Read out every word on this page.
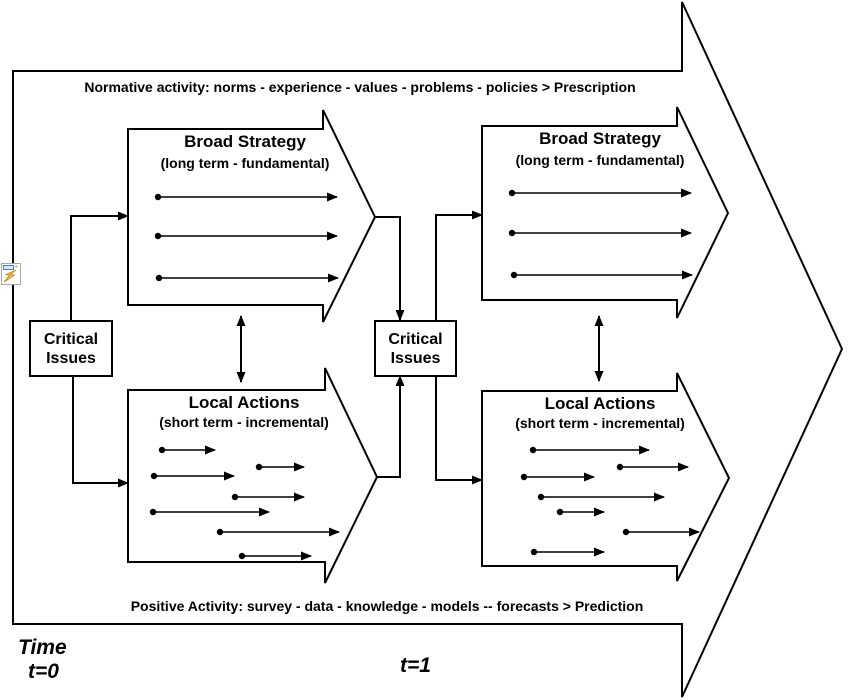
Normative activity: norms - experience - values - problems - policies > Prescription
Positive Activity: survey - data - knowledge - models -- forecasts > Prediction
Broad Strategy
(long term - fundamental)
Local Actions
(short term - incremental)
Broad Strategy
(long term - fundamental)
Local Actions
(short term - incremental)
Critical Issues
Critical Issues
Time
t=0	t=1
